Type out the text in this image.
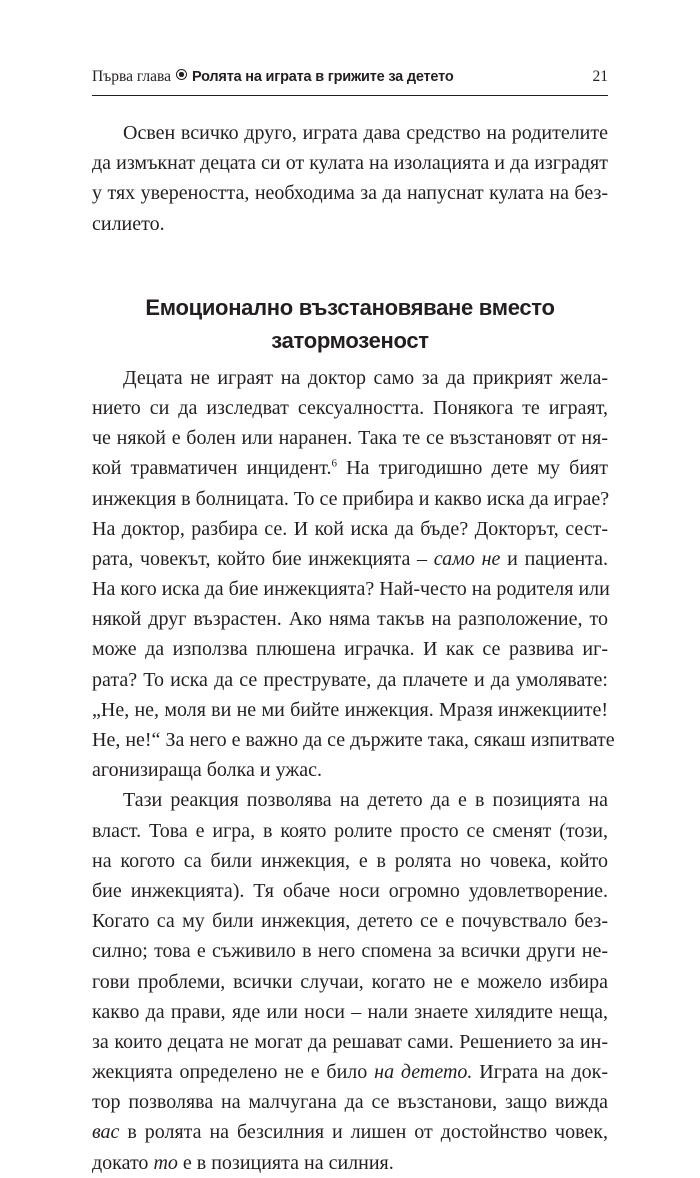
Първа глава Ролята на играта в грижите за детето	21
Освен всичко друго, играта дава средство на родителите
да измъкнат децата си от кулата на изолацията и да изградят
у тях увереността, необходима за да напуснат кулата на без-
силието.
Емоционално възстановяване вместо
затормозеност
Децата не играят на доктор само за да прикрият жела-
нието си да изследват сексуалността. Понякога те играят,
че някой е болен или наранен. Така те се възстановят от ня-
кой травматичен инцидент.$^6$ На тригодишно дете му бият
инжекция в болницата. То се прибира и какво иска да играе?
На доктор, разбира се. И кой иска да бъде? Докторът, сест-
рата, човекът, който бие инжекцията – само не и пациента.
На кого иска да бие инжекцията? Най-често на родителя или
някой друг възрастен. Ако няма такъв на разположение, то
може да използва плюшена играчка. И как се развива иг-
рата? То иска да се преструвате, да плачете и да умолявате:
„Не, не, моля ви не ми бийте инжекция. Мразя инжекциите!
Не, не!“ За него е важно да се държите така, сякаш изпитвате
агонизираща болка и ужас.
Тази реакция позволява на детето да е в позицията на
власт. Това е игра, в която ролите просто се сменят (този,
на когото са били инжекция, е в ролята но човека, който
бие инжекцията). Тя обаче носи огромно удовлетворение.
Когато са му били инжекция, детето се е почувствало без-
силно; това е съживило в него спомена за всички други не-
гови проблеми, всички случаи, когато не е можело избира
какво да прави, яде или носи – нали знаете хилядите неща,
за които децата не могат да решават сами. Решението за ин-
жекцията определено не е било на детето. Играта на док-
тор позволява на малчугана да се възстанови, защо вижда
вас в ролята на безсилния и лишен от достойнство човек,
докато то е в позицията на силния.
